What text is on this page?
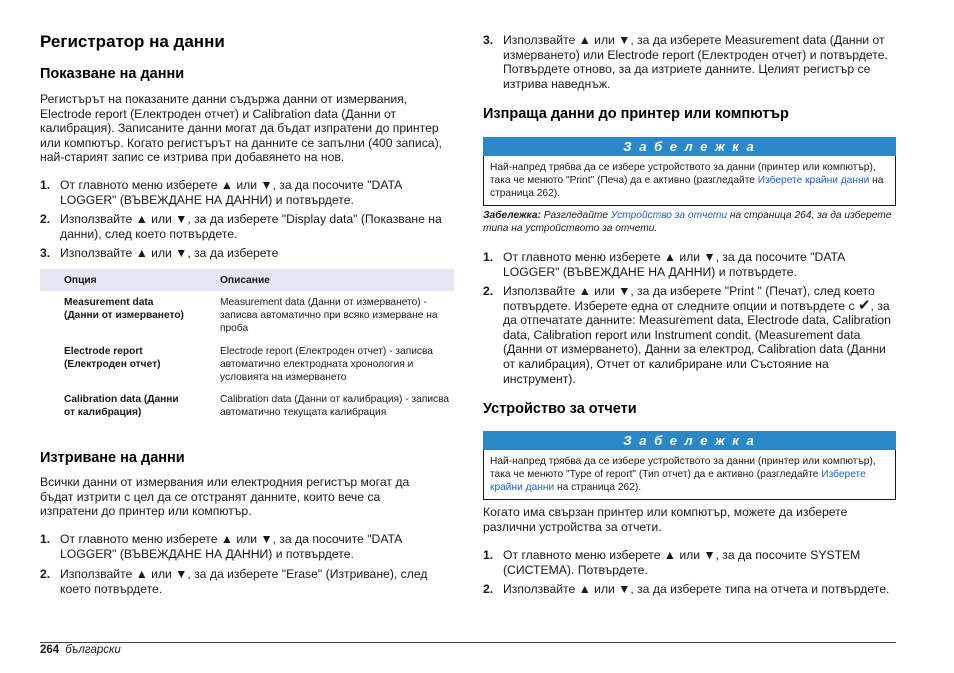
Регистратор на данни
Показване на данни

Регистърът на показаните данни съдържа данни от измервания, Electrode report (Електроден отчет) и Calibration data (Данни от калибрация). Записаните данни могат да бъдат изпратени до принтер или компютър. Когато регистърът на данните се запълни (400 записа), най-старият запис се изтрива при добавянето на нов.

1. От главното меню изберете ▲ или ▼, за да посочите "DATA LOGGER" (ВЪВЕЖДАНЕ НА ДАННИ) и потвърдете.
2. Използвайте ▲ или ▼, за да изберете "Display data" (Показване на данни), след което потвърдете.
3. Използвайте ▲ или ▼, за да изберете
Опция	Описание
Measurement data (Данни от измерването)	Measurement data (Данни от измерването) - записва автоматично при всяко измерване на проба
Electrode report (Електроден отчет)	Electrode report (Електроден отчет) - записва автоматично електродната хронология и условията на измерването
Calibration data (Данни от калибрация)	Calibration data (Данни от калибрация) - записва автоматично текущата калибрация
Изтриване на данни

Всички данни от измервания или електродния регистър могат да бъдат изтрити с цел да се отстранят данните, които вече са изпратени до принтер или компютър.

1. От главното меню изберете ▲ или ▼, за да посочите "DATA LOGGER" (ВЪВЕЖДАНЕ НА ДАННИ) и потвърдете.
2. Използвайте ▲ или ▼, за да изберете "Erase" (Изтриване), след което потвърдете.
3. Използвайте ▲ или ▼, за да изберете Measurement data (Данни от измерването) или Electrode report (Електроден отчет) и потвърдете. Потвърдете отново, за да изтриете данните. Целият регистър се изтрива наведнъж.
Изпраща данни до принтер или компютър
З а б е л е ж к а
Най-напред трябва да се избере устройството за данни (принтер или компютър), така че менюто "Print" (Печа) да е активно (разгледайте Изберете крайни данни на страница 262).
Забележка: Разгледайте Устройство за отчети на страница 264, за да изберете типа на устройството за отчети.
1. От главното меню изберете ▲ или ▼, за да посочите "DATA LOGGER" (ВЪВЕЖДАНЕ НА ДАННИ) и потвърдете.
2. Използвайте ▲ или ▼, за да изберете "Print " (Печат), след което потвърдете. Изберете една от следните опции и потвърдете с ✔, за да отпечатате данните: Measurement data, Electrode data, Calibration data, Calibration report или Instrument condit. (Measurement data (Данни от измерването), Данни за електрод, Calibration data (Данни от калибрация), Отчет от калибриране или Състояние на инструмент).
Устройство за отчети
З а б е л е ж к а
Най-напред трябва да се избере устройството за данни (принтер или компютър), така че менюто "Type of report" (Тип отчет) да е активно (разгледайте Изберете крайни данни на страница 262).

Когато има свързан принтер или компютър, можете да изберете различни устройства за отчети.

1. От главното меню изберете ▲ или ▼, за да посочите SYSTEM (СИСТЕМА). Потвърдете.
2. Използвайте ▲ или ▼, за да изберете типа на отчета и потвърдете.
264 български
